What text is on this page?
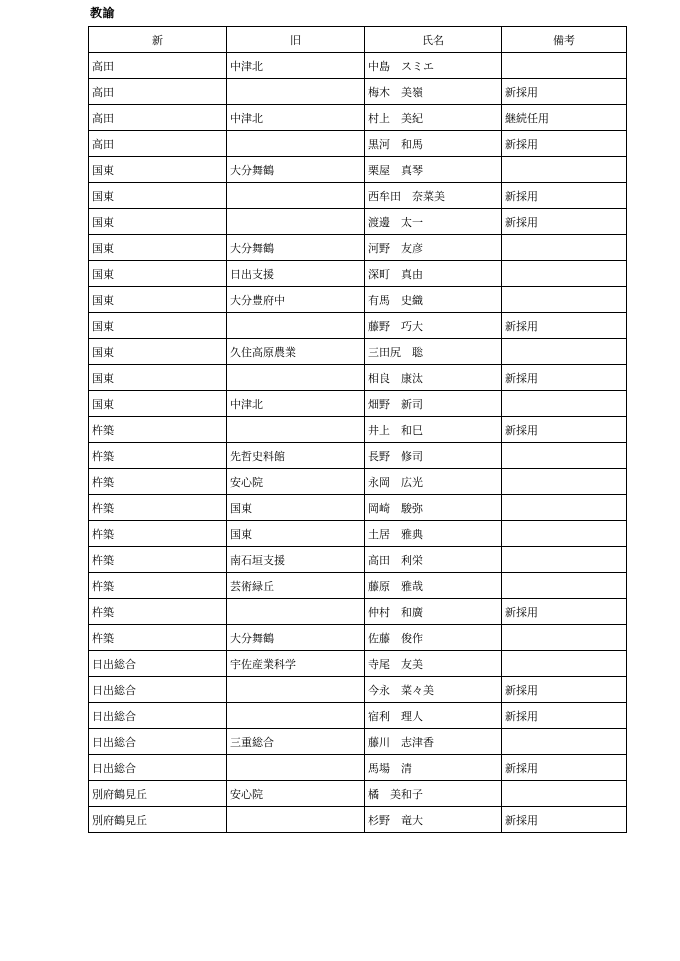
教諭
新	旧	氏名	備考
高田	中津北	中島　スミエ	
高田		梅木　美嶺	新採用
高田	中津北	村上　美紀	継続任用
高田		黒河　和馬	新採用
国東	大分舞鶴	栗屋　真琴	
国東		西牟田　奈菜美	新採用
国東		渡邊　太一	新採用
国東	大分舞鶴	河野　友彦	
国東	日出支援	深町　真由	
国東	大分豊府中	有馬　史織	
国東		藤野　巧大	新採用
国東	久住高原農業	三田尻　聡	
国東		相良　康汰	新採用
国東	中津北	畑野　新司	
杵築		井上　和巳	新採用
杵築	先哲史料館	長野　修司	
杵築	安心院	永岡　広光	
杵築	国東	岡崎　駿弥	
杵築	国東	土居　雅典	
杵築	南石垣支援	高田　利栄	
杵築	芸術緑丘	藤原　雅哉	
杵築		仲村　和廣	新採用
杵築	大分舞鶴	佐藤　俊作	
日出総合	宇佐産業科学	寺尾　友美	
日出総合		今永　菜々美	新採用
日出総合		宿利　理人	新採用
日出総合	三重総合	藤川　志津香	
日出総合		馬場　清	新採用
別府鶴見丘	安心院	橘　美和子	
別府鶴見丘		杉野　竜大	新採用
